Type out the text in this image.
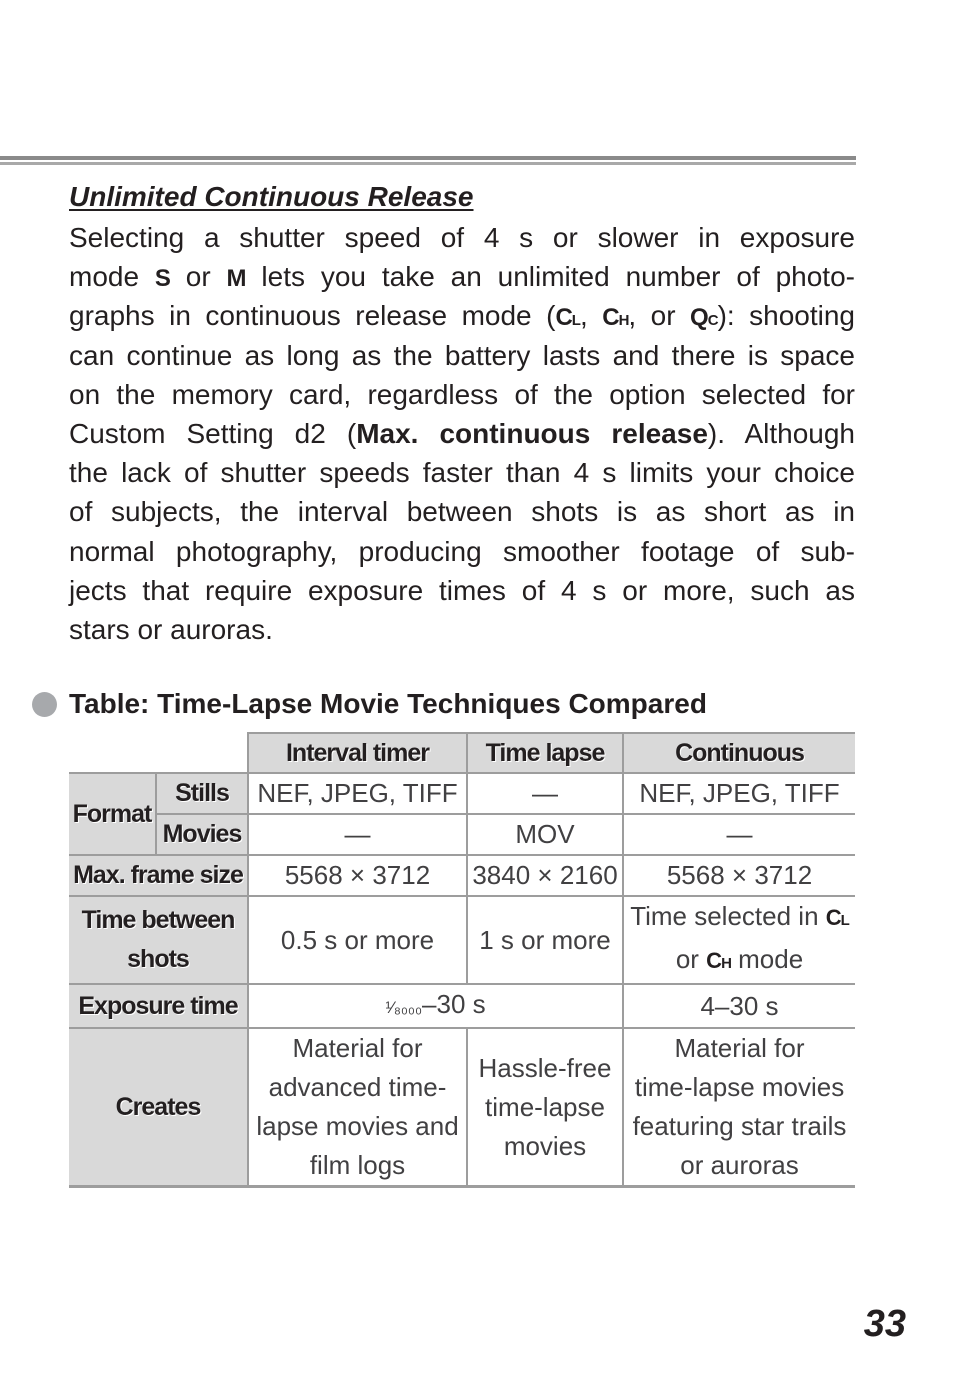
Unlimited Continuous Release
Selecting a shutter speed of 4 s or slower in exposure
mode S or M lets you take an unlimited number of photo-
graphs in continuous release mode (CL, CH, or QC): shooting
can continue as long as the battery lasts and there is space
on the memory card, regardless of the option selected for
Custom Setting d2 (Max. continuous release). Although
the lack of shutter speeds faster than 4 s limits your choice
of subjects, the interval between shots is as short as in
normal photography, producing smoother footage of sub-
jects that require exposure times of 4 s or more, such as
stars or auroras.
Table: Time-Lapse Movie Techniques Compared
		Interval timer	Time lapse	Continuous
Format	Stills	NEF, JPEG, TIFF	—	NEF, JPEG, TIFF
	Movies	—	MOV	—
Max. frame size		5568 × 3712	3840 × 2160	5568 × 3712
Time between
shots		0.5 s or more	1 s or more	Time selected in CL
or CH mode
Exposure time		¹⁄₈₀₀₀–30 s		4–30 s
Creates		Material for
advanced time-
lapse movies and
film logs	Hassle-free
time-lapse
movies	Material for
time-lapse movies
featuring star trails
or auroras
33
